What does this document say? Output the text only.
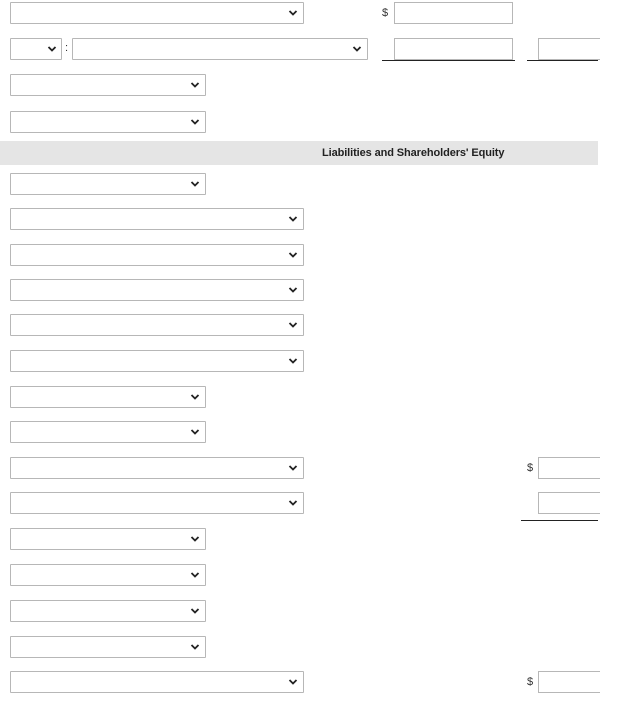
$
:
Liabilities and Shareholders' Equity
$
$
